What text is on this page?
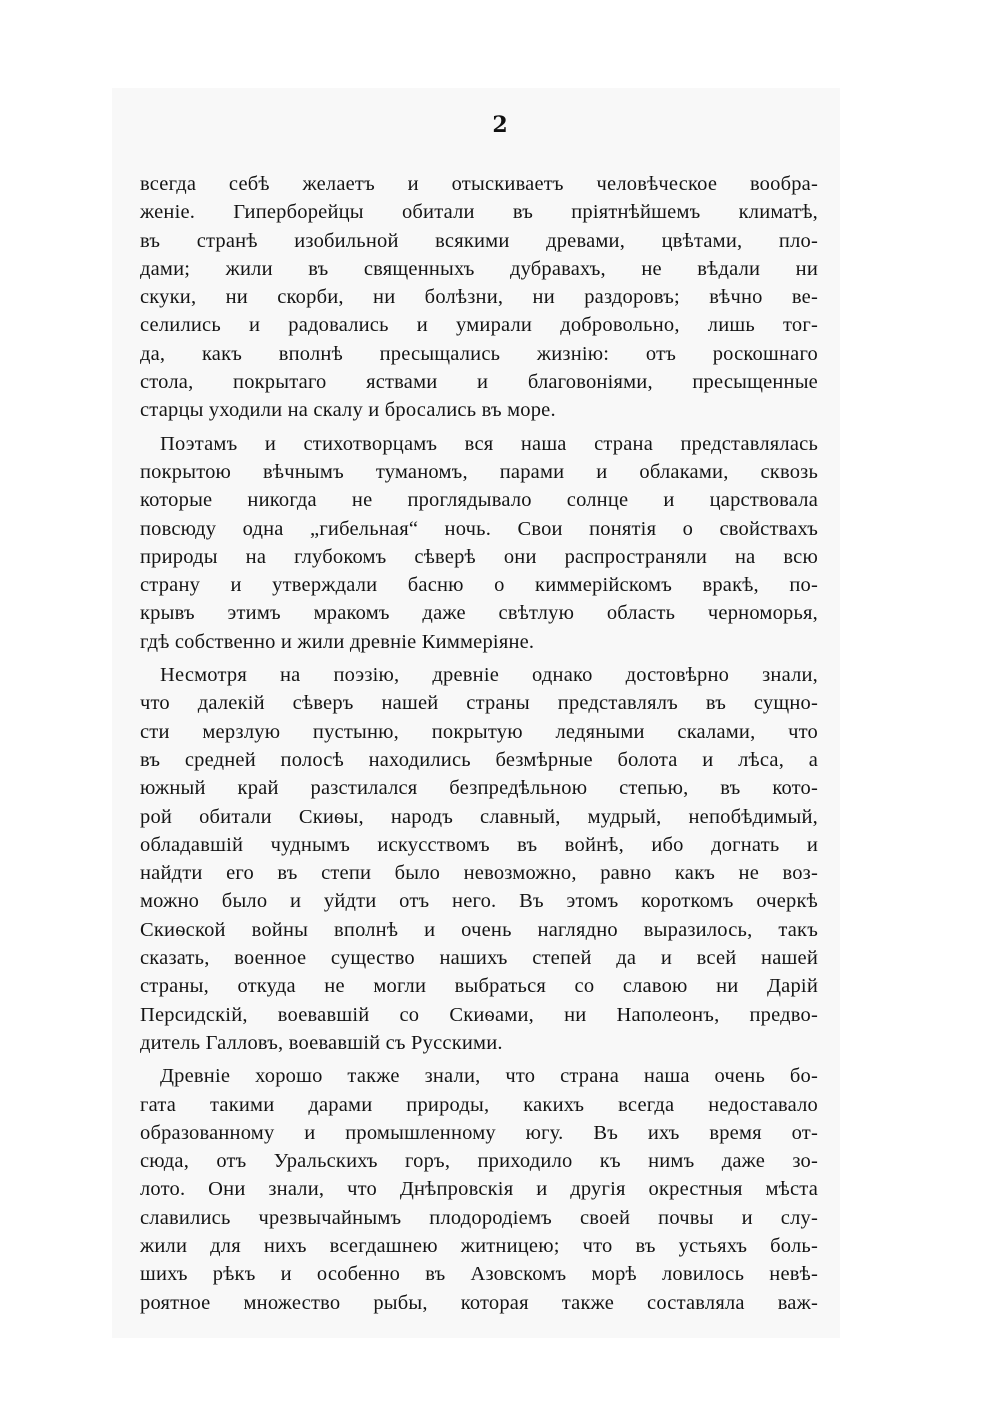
2
всегда себѣ желаетъ и отыскиваетъ человѣческое вообра-
женіе. Гиперборейцы обитали въ пріятнѣйшемъ климатѣ,
въ странѣ изобильной всякими древами, цвѣтами, пло-
дами; жили въ священныхъ дубравахъ, не вѣдали ни
скуки, ни скорби, ни болѣзни, ни раздоровъ; вѣчно ве-
селились и радовались и умирали добровольно, лишь тог-
да, какъ вполнѣ пресыщались жизнію: отъ роскошнаго
стола, покрытаго яствами и благовоніями, пресыщенные
старцы уходили на скалу и бросались въ море.
Поэтамъ и стихотворцамъ вся наша страна представлялась
покрытою вѣчнымъ туманомъ, парами и облаками, сквозь
которые никогда не проглядывало солнце и царствовала
повсюду одна „гибельная“ ночь. Свои понятія о свойствахъ
природы на глубокомъ сѣверѣ они распространяли на всю
страну и утверждали басню о киммерійскомъ вракѣ, по-
крывъ этимъ мракомъ даже свѣтлую область черноморья,
гдѣ собственно и жили древніе Киммеріяне.
Несмотря на поэзію, древніе однако достовѣрно знали,
что далекій сѣверъ нашей страны представлялъ въ сущно-
сти мерзлую пустыню, покрытую ледяными скалами, что
въ средней полосѣ находились безмѣрные болота и лѣса, а
южный край разстилался безпредѣльною степью, въ кото-
рой обитали Скиѳы, народъ славный, мудрый, непобѣдимый,
обладавшій чуднымъ искусствомъ въ войнѣ, ибо догнать и
найдти его въ степи было невозможно, равно какъ не воз-
можно было и уйдти отъ него. Въ этомъ короткомъ очеркѣ
Скиѳской войны вполнѣ и очень наглядно выразилось, такъ
сказать, военное существо нашихъ степей да и всей нашей
страны, откуда не могли выбраться со славою ни Дарій
Персидскій, воевавшій со Скиѳами, ни Наполеонъ, предво-
дитель Галловъ, воевавшій съ Русскими.
Древніе хорошо также знали, что страна наша очень бо-
гата такими дарами природы, какихъ всегда недоставало
образованному и промышленному югу. Въ ихъ время от-
сюда, отъ Уральскихъ горъ, приходило къ нимъ даже зо-
лото. Они знали, что Днѣпровскія и другія окрестныя мѣста
славились чрезвычайнымъ плодородіемъ своей почвы и слу-
жили для нихъ всегдашнею житницею; что въ устьяхъ боль-
шихъ рѣкъ и особенно въ Азовскомъ морѣ ловилось невѣ-
роятное множество рыбы, которая также составляла важ-
